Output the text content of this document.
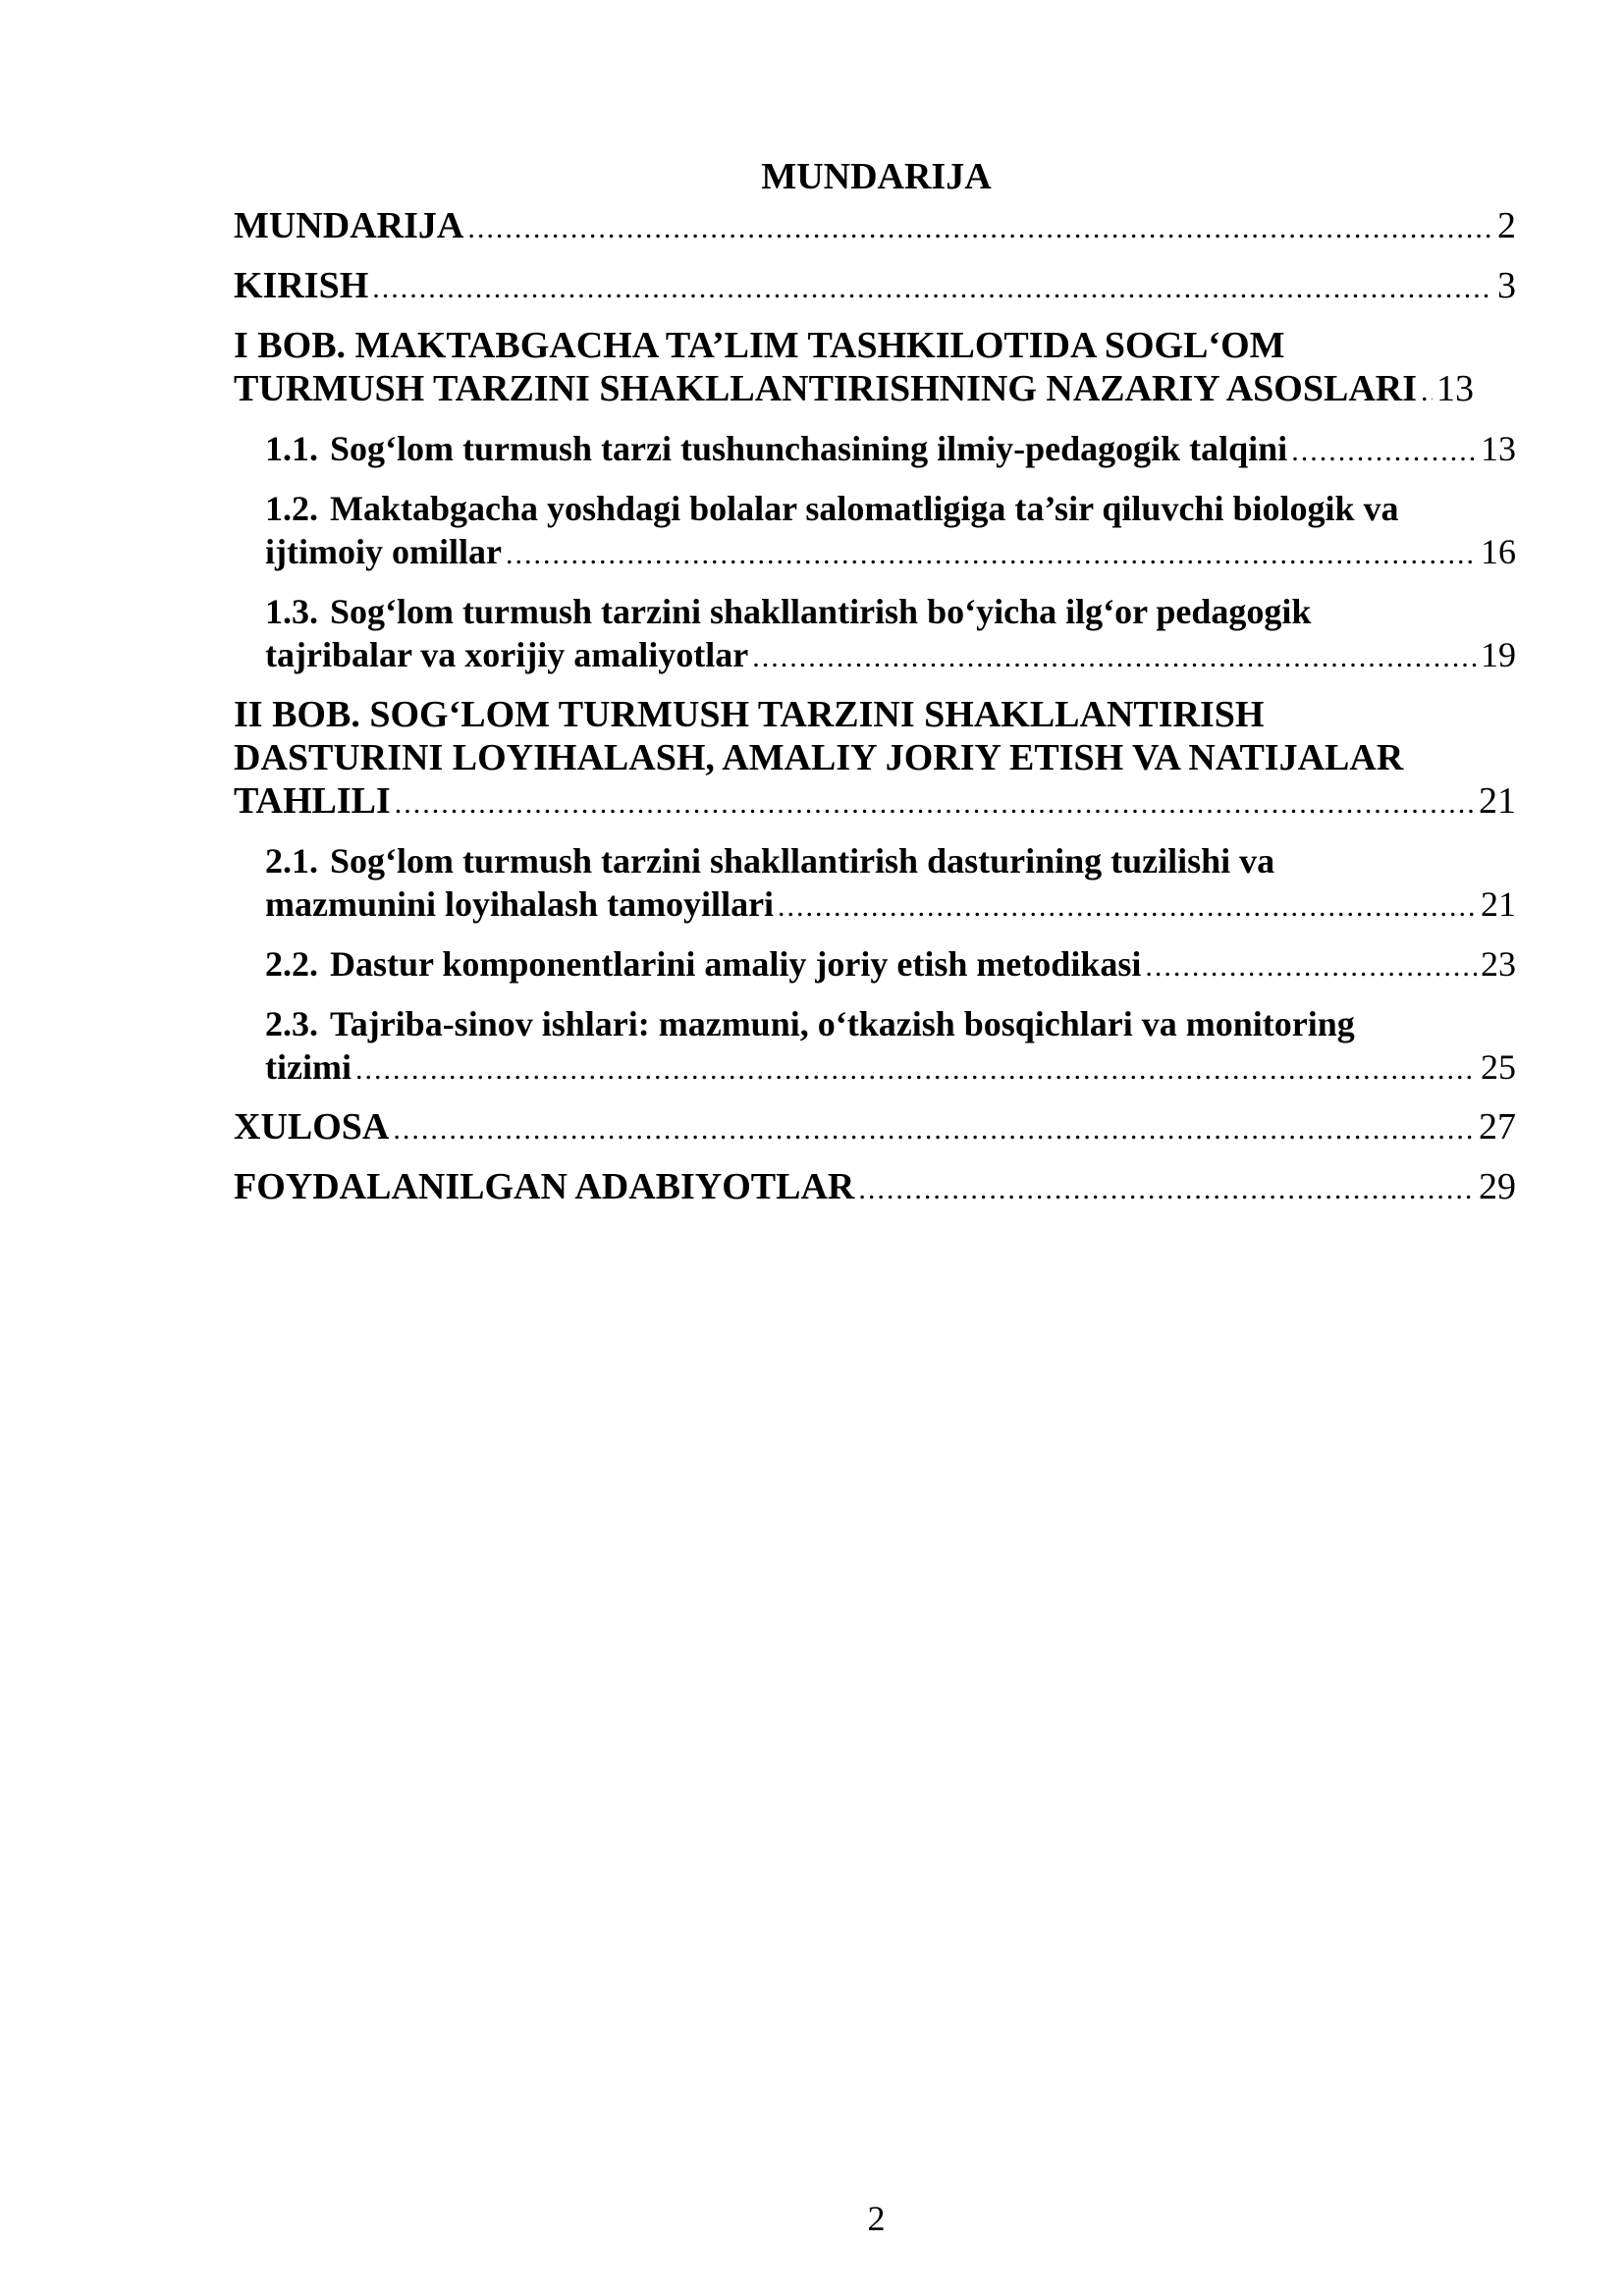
MUNDARIJA
MUNDARIJA .....	2
KIRISH .....	3
I BOB. MAKTABGACHA TA’LIM TASHKILOTIDA SOGL‘OM
TURMUSH TARZINI SHAKLLANTIRISHNING NAZARIY ASOSLARI ..... 13
1.1. Sog‘lom turmush tarzi tushunchasining ilmiy-pedagogik talqini .....	13
1.2. Maktabgacha yoshdagi bolalar salomatligiga ta’sir qiluvchi biologik va
ijtimoiy omillar .....	16
1.3. Sog‘lom turmush tarzini shakllantirish bo‘yicha ilg‘or pedagogik
tajribalar va xorijiy amaliyotlar .....	19
II BOB. SOG‘LOM TURMUSH TARZINI SHAKLLANTIRISH
DASTURINI LOYIHALASH, AMALIY JORIY ETISH VA NATIJALAR
TAHLILI .....	21
2.1. Sog‘lom turmush tarzini shakllantirish dasturining tuzilishi va
mazmunini loyihalash tamoyillari .....	21
2.2. Dastur komponentlarini amaliy joriy etish metodikasi .....	23
2.3. Tajriba-sinov ishlari: mazmuni, o‘tkazish bosqichlari va monitoring
tizimi .....	25
XULOSA .....	27
FOYDALANILGAN ADABIYOTLAR .....	29
2
